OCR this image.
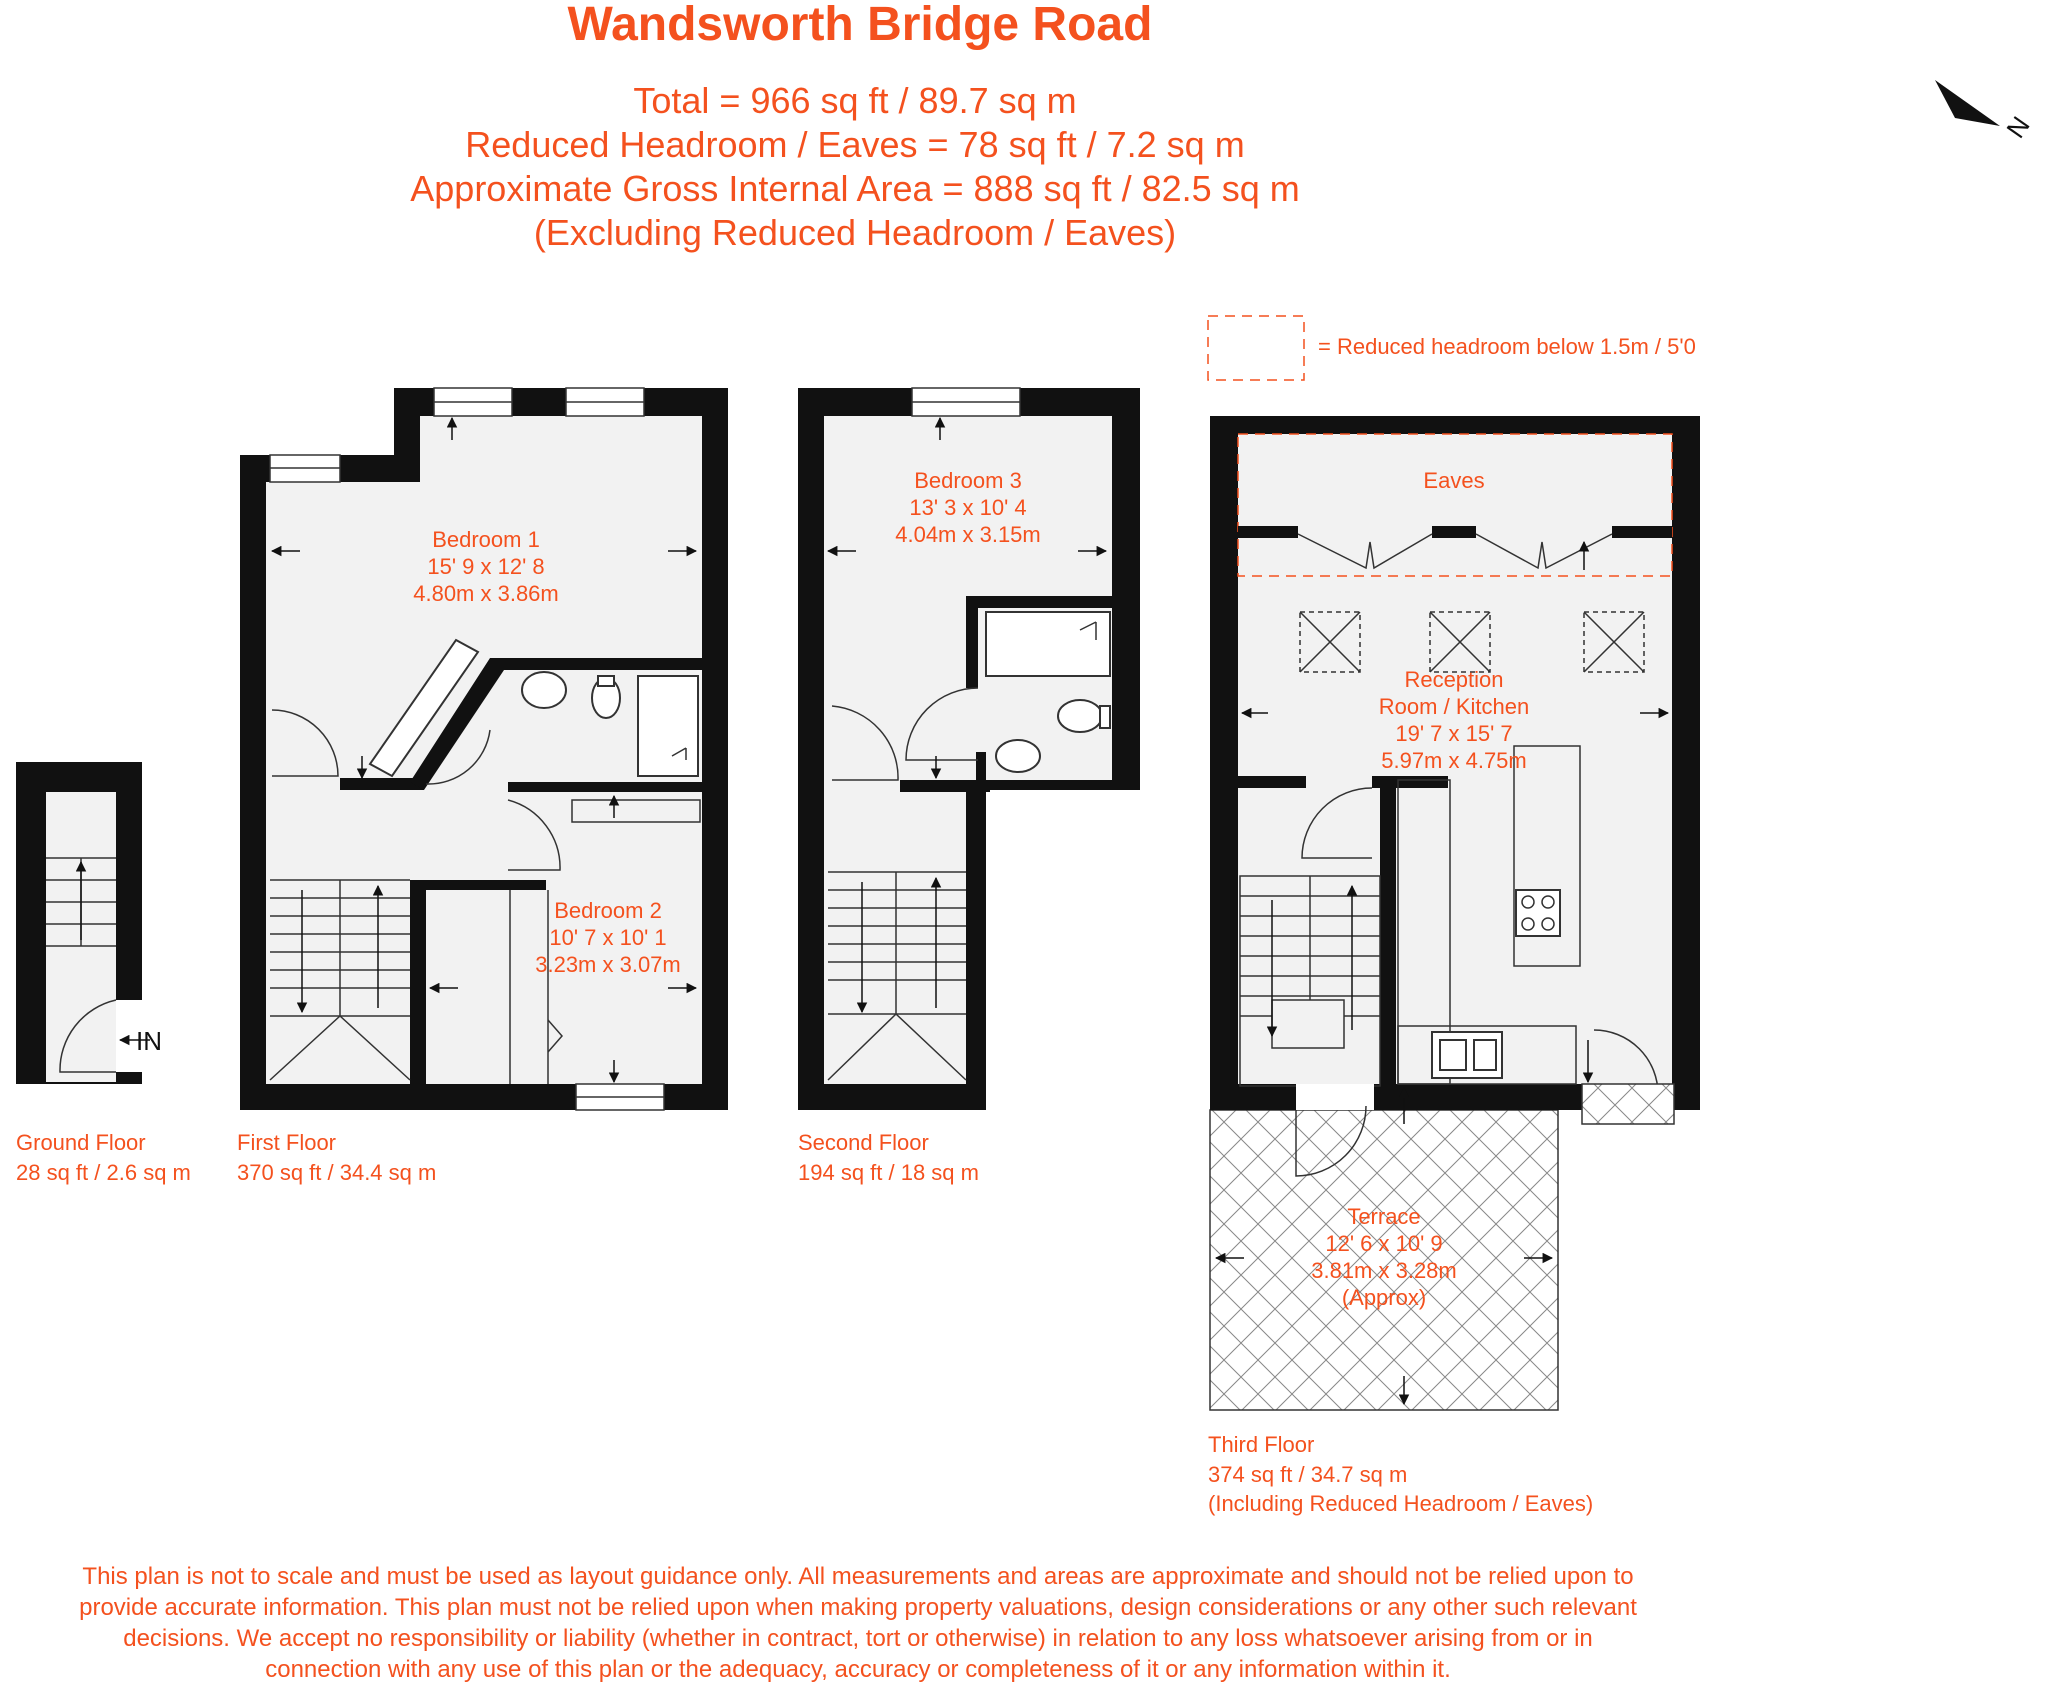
Wandsworth Bridge Road
Total = 966 sq ft / 89.7 sq m
Reduced Headroom / Eaves = 78 sq ft / 7.2 sq m
Approximate Gross Internal Area = 888 sq ft / 82.5 sq m
(Excluding Reduced Headroom / Eaves)
= Reduced headroom below 1.5m / 5'0
N
IN
Bedroom 1
15' 9 x 12' 8
4.80m x 3.86m
Bedroom 2
10' 7 x 10' 1
3.23m x 3.07m
Bedroom 3
13' 3 x 10' 4
4.04m x 3.15m
Eaves
Reception
Room / Kitchen
19' 7 x 15' 7
5.97m x 4.75m
Terrace
12' 6 x 10' 9
3.81m x 3.28m
(Approx)
Ground Floor
28 sq ft / 2.6 sq m
First Floor
370 sq ft / 34.4 sq m
Second Floor
194 sq ft / 18 sq m
Third Floor
374 sq ft / 34.7 sq m
(Including Reduced Headroom / Eaves)
This plan is not to scale and must be used as layout guidance only. All measurements and areas are approximate and should not be relied upon to
provide accurate information. This plan must not be relied upon when making property valuations, design considerations or any other such relevant
decisions. We accept no responsibility or liability (whether in contract, tort or otherwise) in relation to any loss whatsoever arising from or in
connection with any use of this plan or the adequacy, accuracy or completeness of it or any information within it.
